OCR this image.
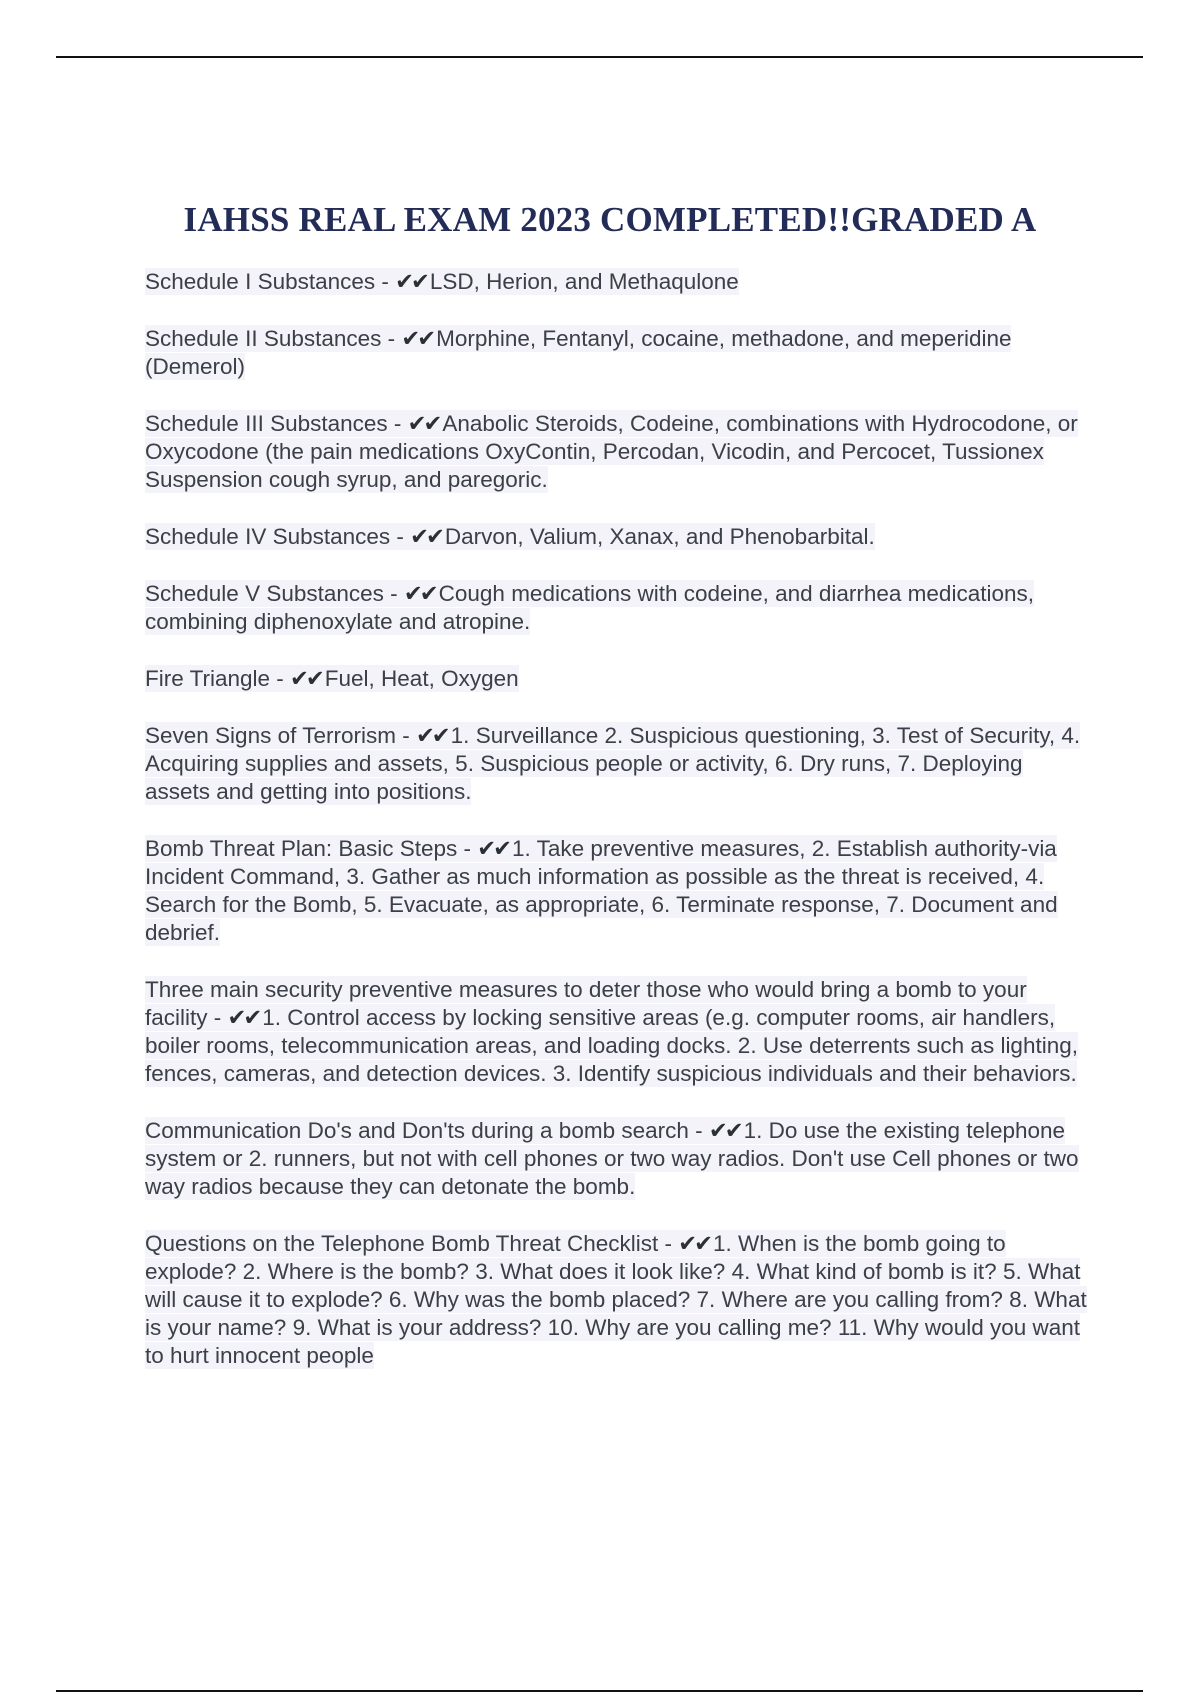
IAHSS REAL EXAM 2023 COMPLETED!!GRADED A
Schedule I Substances - ✔✔ LSD, Herion, and Methaqulone
Schedule II Substances - ✔✔ Morphine, Fentanyl, cocaine, methadone, and meperidine (Demerol)
Schedule III Substances - ✔✔ Anabolic Steroids, Codeine, combinations with Hydrocodone, or Oxycodone (the pain medications OxyContin, Percodan, Vicodin, and Percocet, Tussionex Suspension cough syrup, and paregoric.
Schedule IV Substances - ✔✔ Darvon, Valium, Xanax, and Phenobarbital.
Schedule V Substances - ✔✔ Cough medications with codeine, and diarrhea medications, combining diphenoxylate and atropine.
Fire Triangle - ✔✔ Fuel, Heat, Oxygen
Seven Signs of Terrorism - ✔✔ 1. Surveillance 2. Suspicious questioning, 3. Test of Security, 4. Acquiring supplies and assets, 5. Suspicious people or activity, 6. Dry runs, 7. Deploying assets and getting into positions.
Bomb Threat Plan: Basic Steps - ✔✔ 1. Take preventive measures, 2. Establish authority-via Incident Command, 3. Gather as much information as possible as the threat is received, 4. Search for the Bomb, 5. Evacuate, as appropriate, 6. Terminate response, 7. Document and debrief.
Three main security preventive measures to deter those who would bring a bomb to your facility - ✔✔ 1. Control access by locking sensitive areas (e.g. computer rooms, air handlers, boiler rooms, telecommunication areas, and loading docks. 2. Use deterrents such as lighting, fences, cameras, and detection devices. 3. Identify suspicious individuals and their behaviors.
Communication Do's and Don'ts during a bomb search - ✔✔ 1. Do use the existing telephone system or 2. runners, but not with cell phones or two way radios. Don't use Cell phones or two way radios because they can detonate the bomb.
Questions on the Telephone Bomb Threat Checklist - ✔✔ 1. When is the bomb going to explode? 2. Where is the bomb? 3. What does it look like? 4. What kind of bomb is it? 5. What will cause it to explode? 6. Why was the bomb placed? 7. Where are you calling from? 8. What is your name? 9. What is your address? 10. Why are you calling me? 11. Why would you want to hurt innocent people
